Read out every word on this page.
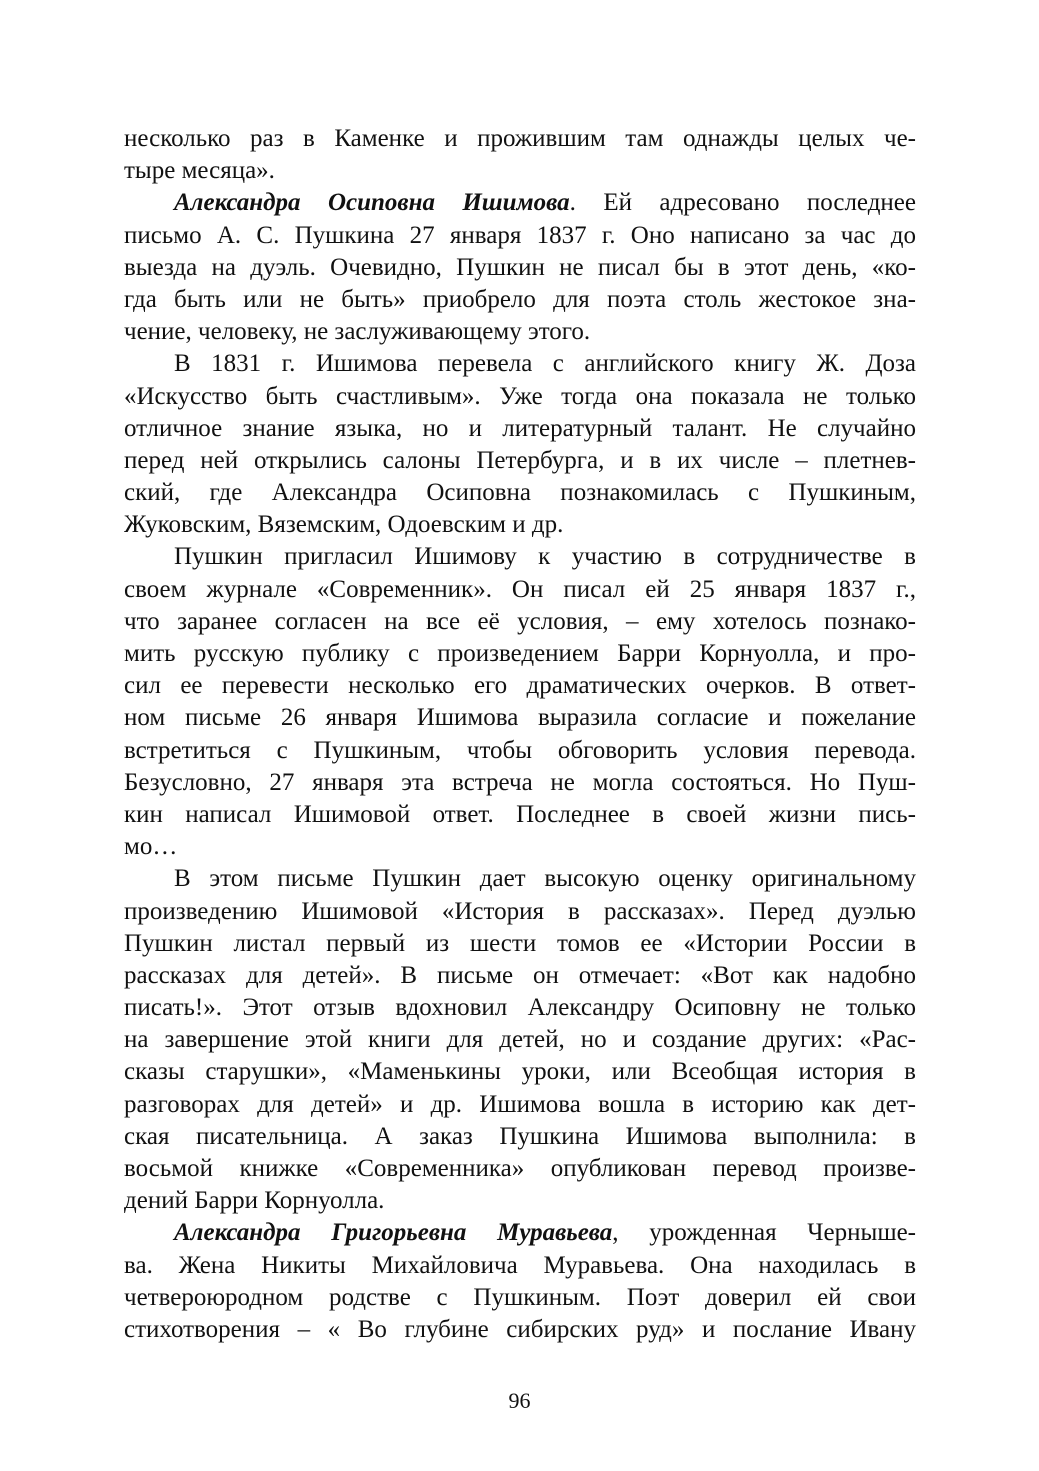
несколько раз в Каменке и прожившим там однажды целых че-
тыре месяца».
Александра Осиповна Ишимова. Ей адресовано последнее
письмо А. С. Пушкина 27 января 1837 г. Оно написано за час до
выезда на дуэль. Очевидно, Пушкин не писал бы в этот день, «ко-
гда быть или не быть» приобрело для поэта столь жестокое зна-
чение, человеку, не заслуживающему этого.
В 1831 г. Ишимова перевела с английского книгу Ж. Доза
«Искусство быть счастливым». Уже тогда она показала не только
отличное знание языка, но и литературный талант. Не случайно
перед ней открылись салоны Петербурга, и в их числе – плетнев-
ский, где Александра Осиповна познакомилась с Пушкиным,
Жуковским, Вяземским, Одоевским и др.
Пушкин пригласил Ишимову к участию в сотрудничестве в
своем журнале «Современник». Он писал ей 25 января 1837 г.,
что заранее согласен на все её условия, – ему хотелось познако-
мить русскую публику с произведением Барри Корнуолла, и про-
сил ее перевести несколько его драматических очерков. В ответ-
ном письме 26 января Ишимова выразила согласие и пожелание
встретиться с Пушкиным, чтобы обговорить условия перевода.
Безусловно, 27 января эта встреча не могла состояться. Но Пуш-
кин написал Ишимовой ответ. Последнее в своей жизни пись-
мо…
В этом письме Пушкин дает высокую оценку оригинальному
произведению Ишимовой «История в рассказах». Перед дуэлью
Пушкин листал первый из шести томов ее «Истории России в
рассказах для детей». В письме он отмечает: «Вот как надобно
писать!». Этот отзыв вдохновил Александру Осиповну не только
на завершение этой книги для детей, но и создание других: «Рас-
сказы старушки», «Маменькины уроки, или Всеобщая история в
разговорах для детей» и др. Ишимова вошла в историю как дет-
ская писательница. А заказ Пушкина Ишимова выполнила: в
восьмой книжке «Современника» опубликован перевод произве-
дений Барри Корнуолла.
Александра Григорьевна Муравьева, урожденная Чернышe-
ва. Жена Никиты Михайловича Муравьева. Она находилась в
четвероюродном родстве с Пушкиным. Поэт доверил ей свои
стихотворения – « Во глубине сибирских руд» и послание Ивану
96
